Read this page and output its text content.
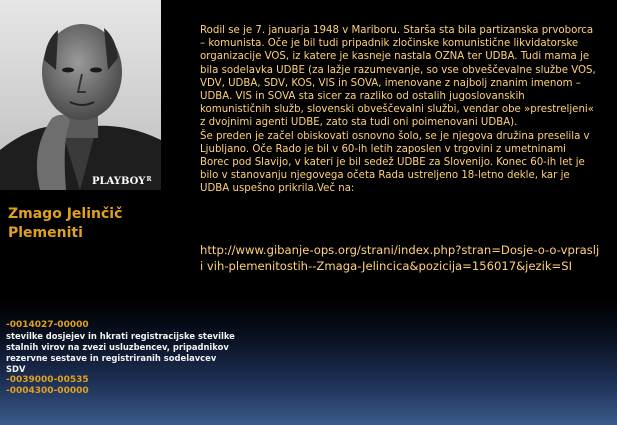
$PLAYBOY^R$
Zmago Jelinčič
Plemeniti

Rodil se je 7. januarja 1948 v Mariboru. Starša sta bila partizanska prvoborca – komunista. Oče je bil tudi pripadnik zločinske komunistične likvidatorske organizacije VOS, iz katere je kasneje nastala OZNA ter UDBA. Tudi mama je bila sodelavka UDBE (za lažje razumevanje, so vse obveščevalne službe VOS, VDV, UDBA, SDV, KOS, VIS in SOVA, imenovane z najbolj znanim imenom – UDBA. VIS in SOVA sta sicer za razliko od ostalih jugoslovanskih komunističnih služb, slovenski obveščevalni službi, vendar obe »prestreljeni« z dvojnimi agenti UDBE, zato sta tudi oni poimenovani UDBA).

Še preden je začel obiskovati osnovno šolo, se je njegova družina preselila v Ljubljano. Oče Rado je bil v 60-ih letih zaposlen v trgovini z umetninami Borec pod Slavijo, v kateri je bil sedež UDBE za Slovenijo. Konec 60-ih let je bilo v stanovanju njegovega očeta Rada ustreljeno 18-letno dekle, kar je UDBA uspešno prikrila.Več na:

http://www.gibanje-ops.org/strani/index.php?stran=Dosje-o-o-vpraslji vih-plemenitostih--Zmaga-Jelincica&pozicija=156017&jezik=SI
-0014027-00000
stevilke dosjejev in hkrati registracijske stevilke stalnih virov na zvezi usluzbencev, pripadnikov rezervne sestave in registriranih sodelavcev SDV
-0039000-00535
-0004300-00000
